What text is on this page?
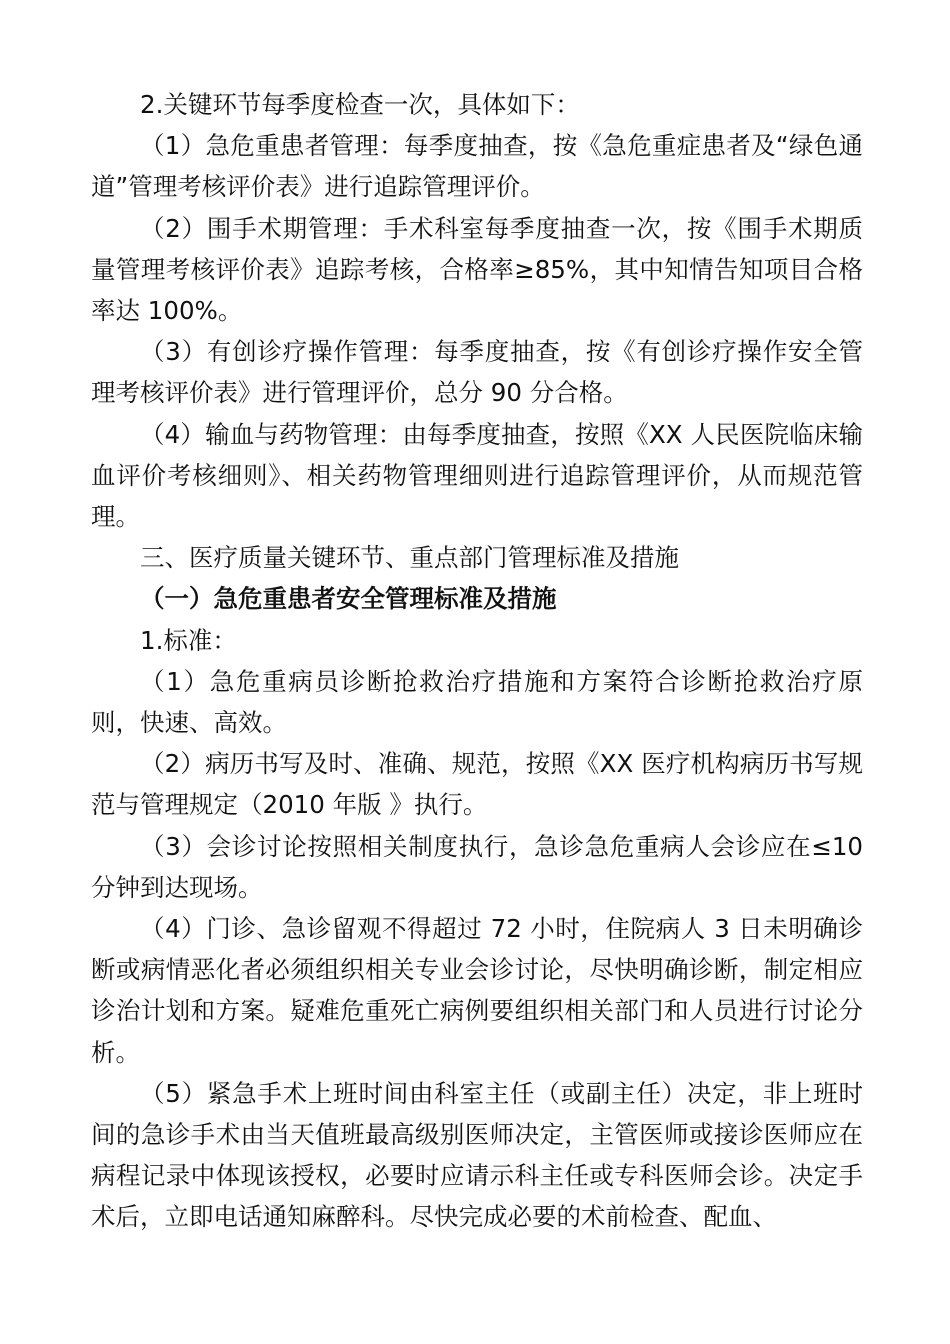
2.关键环节每季度检查一次，具体如下：

（1）急危重患者管理：每季度抽查，按《急危重症患者及“绿色通道”管理考核评价表》进行追踪管理评价。

（2）围手术期管理：手术科室每季度抽查一次，按《围手术期质量管理考核评价表》追踪考核，合格率≥85%，其中知情告知项目合格率达 100%。

（3）有创诊疗操作管理：每季度抽查，按《有创诊疗操作安全管理考核评价表》进行管理评价，总分 90 分合格。

（4）输血与药物管理：由每季度抽查，按照《XX 人民医院临床输血评价考核细则》、相关药物管理细则进行追踪管理评价，从而规范管理。

三、医疗质量关键环节、重点部门管理标准及措施

（一）急危重患者安全管理标准及措施

1.标准：

（1）急危重病员诊断抢救治疗措施和方案符合诊断抢救治疗原则，快速、高效。

（2）病历书写及时、准确、规范，按照《XX 医疗机构病历书写规范与管理规定（2010 年版 》执行。

（3）会诊讨论按照相关制度执行，急诊急危重病人会诊应在≤10分钟到达现场。

（4）门诊、急诊留观不得超过 72 小时，住院病人 3 日未明确诊断或病情恶化者必须组织相关专业会诊讨论，尽快明确诊断，制定相应诊治计划和方案。疑难危重死亡病例要组织相关部门和人员进行讨论分析。

（5）紧急手术上班时间由科室主任（或副主任）决定，非上班时间的急诊手术由当天值班最高级别医师决定，主管医师或接诊医师应在病程记录中体现该授权，必要时应请示科主任或专科医师会诊。决定手术后，立即电话通知麻醉科。尽快完成必要的术前检查、配血、
